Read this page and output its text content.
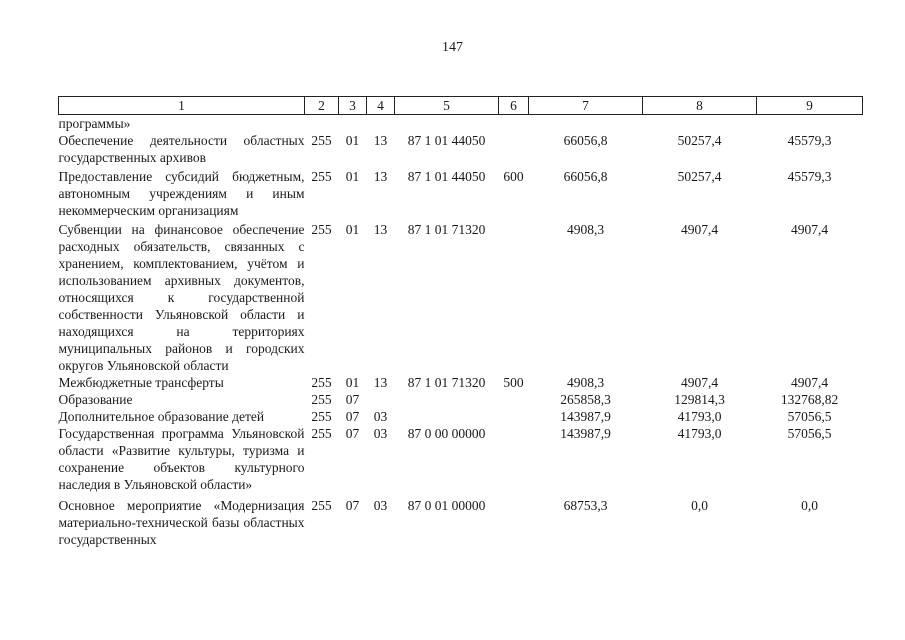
147
1	2	3	4	5	6	7	8	9
программы»								
Обеспечение деятельности областных государственных архивов	255	01	13	87 1 01 44050		66056,8	50257,4	45579,3

Предоставление субсидий бюджетным, автономным учреждениям и иным некоммерческим организациям	255	01	13	87 1 01 44050	600	66056,8	50257,4	45579,3

Субвенции на финансовое обеспечение расходных обязательств, связанных с хранением, комплектованием, учётом и использованием архивных документов, относящихся к государственной собственности Ульяновской области и находящихся на территориях муниципальных районов и городских округов Ульяновской области	255	01	13	87 1 01 71320		4908,3	4907,4	4907,4
Межбюджетные трансферты	255	01	13	87 1 01 71320	500	4908,3	4907,4	4907,4
Образование	255	07				265858,3	129814,3	132768,82
Дополнительное образование детей	255	07	03			143987,9	41793,0	57056,5
Государственная программа Ульяновской области «Развитие культуры, туризма и сохранение объектов культурного наследия в Ульяновской области»	255	07	03	87 0 00 00000		143987,9	41793,0	57056,5

Основное мероприятие «Модернизация материально-технической базы областных государственных	255	07	03	87 0 01 00000		68753,3	0,0	0,0
